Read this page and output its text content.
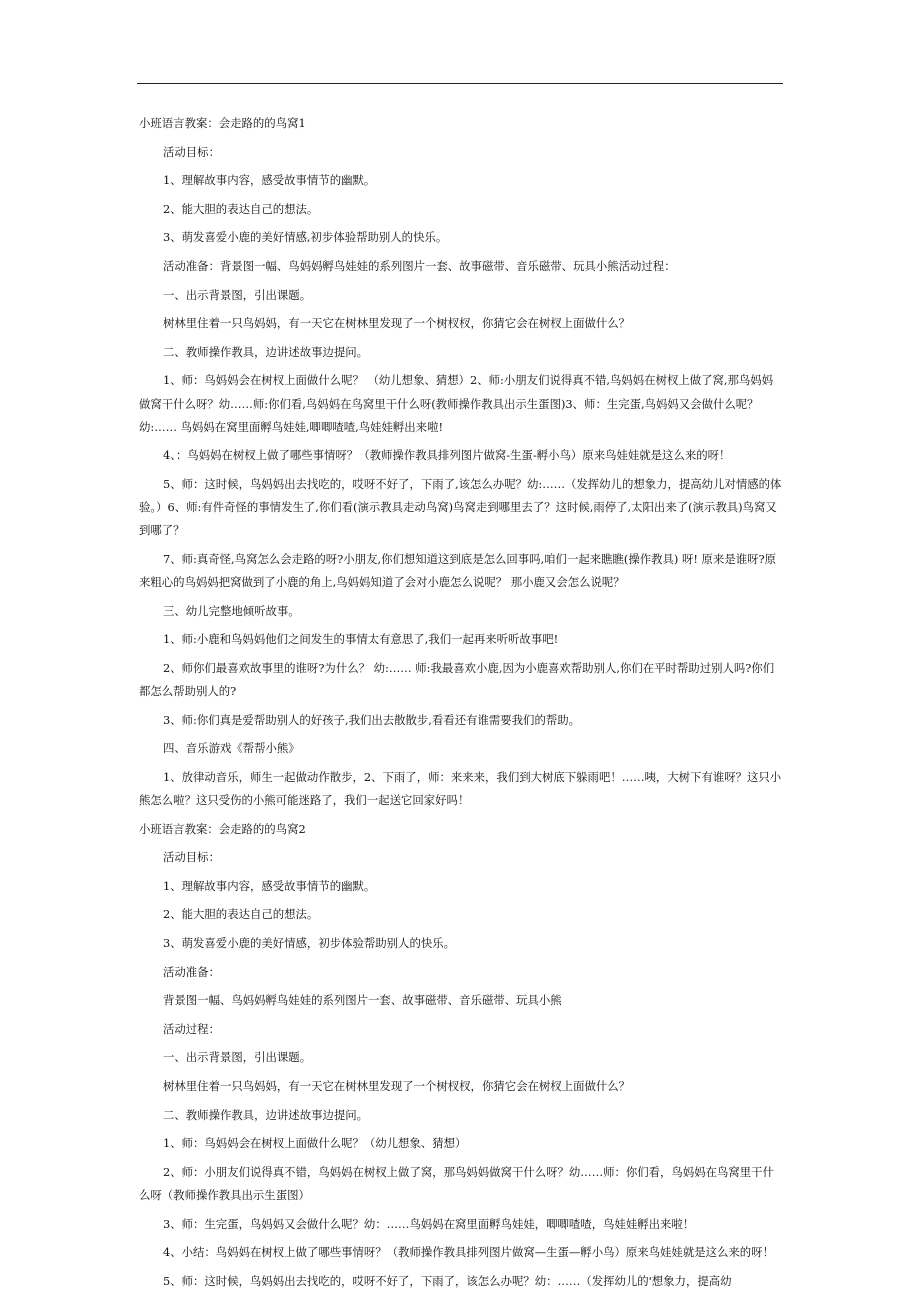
小班语言教案：会走路的的鸟窝1

活动目标：

1、理解故事内容，感受故事情节的幽默。

2、能大胆的表达自己的想法。

3、萌发喜爱小鹿的美好情感,初步体验帮助别人的快乐。

活动准备：背景图一幅、鸟妈妈孵鸟娃娃的系列图片一套、故事磁带、音乐磁带、玩具小熊活动过程：

一、出示背景图，引出课题。

树林里住着一只鸟妈妈，有一天它在树林里发现了一个树杈杈，你猜它会在树杈上面做什么？

二、教师操作教具，边讲述故事边提问。

1、师：鸟妈妈会在树杈上面做什么呢？ （幼儿想象、猜想）2、师:小朋友们说得真不错,鸟妈妈在树杈上做了窝,那鸟妈妈做窝干什么呀？幼……师:你们看,鸟妈妈在鸟窝里干什么呀(教师操作教具出示生蛋图)3、师：生完蛋,鸟妈妈又会做什么呢？幼:…… 鸟妈妈在窝里面孵鸟娃娃,唧唧喳喳,鸟娃娃孵出来啦!

4、：鸟妈妈在树杈上做了哪些事情呀？（教师操作教具排列图片做窝-生蛋-孵小鸟）原来鸟娃娃就是这么来的呀！

5、师：这时候，鸟妈妈出去找吃的，哎呀不好了，下雨了,该怎么办呢？幼:……（发挥幼儿的想象力，提高幼儿对情感的体验。）6、师:有件奇怪的事情发生了,你们看(演示教具走动鸟窝)鸟窝走到哪里去了？这时候,雨停了,太阳出来了(演示教具)鸟窝又到哪了？

7、师:真奇怪,鸟窝怎么会走路的呀?小朋友,你们想知道这到底是怎么回事吗,咱们一起来瞧瞧(操作教具) 呀! 原来是谁呀?原来粗心的鸟妈妈把窝做到了小鹿的角上,鸟妈妈知道了会对小鹿怎么说呢？ 那小鹿又会怎么说呢？

三、幼儿完整地倾听故事。

1、师:小鹿和鸟妈妈他们之间发生的事情太有意思了,我们一起再来听听故事吧!

2、师你们最喜欢故事里的谁呀?为什么？ 幼:…… 师:我最喜欢小鹿,因为小鹿喜欢帮助别人,你们在平时帮助过别人吗?你们都怎么帮助别人的?

3、师:你们真是爱帮助别人的好孩子,我们出去散散步,看看还有谁需要我们的帮助。

四、音乐游戏《帮帮小熊》

1、放律动音乐，师生一起做动作散步，2、下雨了，师：来来来，我们到大树底下躲雨吧！……咦，大树下有谁呀？这只小熊怎么啦？这只受伤的小熊可能迷路了，我们一起送它回家好吗！

小班语言教案：会走路的的鸟窝2

活动目标：

1、理解故事内容，感受故事情节的幽默。

2、能大胆的表达自己的想法。

3、萌发喜爱小鹿的美好情感，初步体验帮助别人的快乐。

活动准备：

背景图一幅、鸟妈妈孵鸟娃娃的系列图片一套、故事磁带、音乐磁带、玩具小熊

活动过程：

一、出示背景图，引出课题。

树林里住着一只鸟妈妈，有一天它在树林里发现了一个树杈杈，你猜它会在树杈上面做什么？

二、教师操作教具，边讲述故事边提问。

1、师：鸟妈妈会在树杈上面做什么呢？（幼儿想象、猜想）

2、师：小朋友们说得真不错，鸟妈妈在树杈上做了窝，那鸟妈妈做窝干什么呀？幼……师：你们看，鸟妈妈在鸟窝里干什么呀（教师操作教具出示生蛋图）

3、师：生完蛋，鸟妈妈又会做什么呢？幼：……鸟妈妈在窝里面孵鸟娃娃，唧唧喳喳，鸟娃娃孵出来啦！

4、小结：鸟妈妈在树杈上做了哪些事情呀？（教师操作教具排列图片做窝—生蛋—孵小鸟）原来鸟娃娃就是这么来的呀！

5、师：这时候，鸟妈妈出去找吃的，哎呀不好了，下雨了，该怎么办呢？幼：……（发挥幼儿的'想象力，提高幼
